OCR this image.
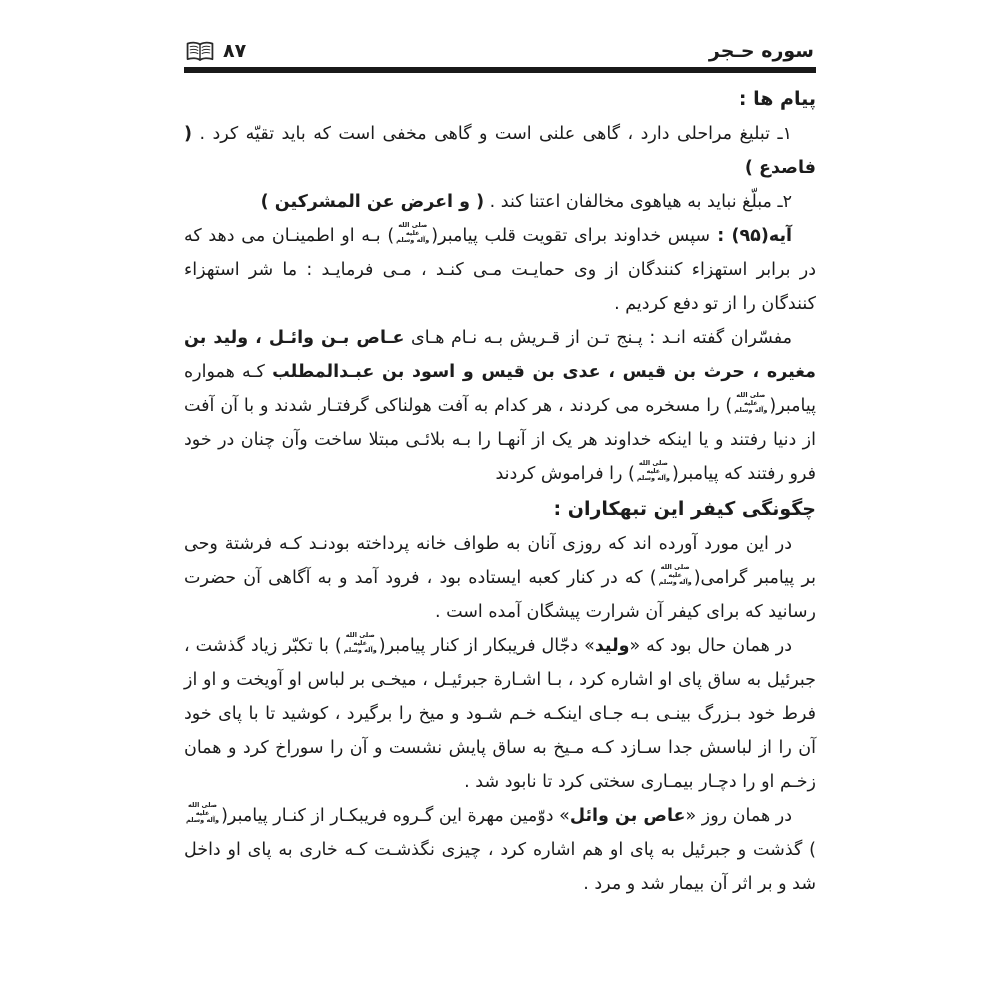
سوره حـجر
۸۷
پیام ها :
۱ـ تبلیغ مراحلی دارد ، گاهی علنی است و گاهی مخفی است که باید تقیّه کرد . ( فاصدع )
۲ـ مبلّغ نباید به هیاهوی مخالفان اعتنا کند . ( و اعرض عن المشرکین )
آیه(۹۵) : سپس خداوند برای تقویت قلب پیامبر(
صلى الله
عليه
وآله وسلم
) بـه او اطمینـان می دهد که در برابر استهزاء کنندگان از وی حمایـت مـی کنـد ، مـی فرمایـد : ما شر استهزاء کنندگان را از تو دفع کردیم .
مفسّران گفته انـد : پـنج تـن از قـریش بـه نـام هـای عـاص بـن وائـل ، ولید بن مغیره ، حرث بن قیس ، عدی بن قیس و اسود بن عبـدالمطلب کـه همواره پیامبر(
صلى الله
عليه
وآله وسلم
) را مسخره می کردند ، هر کدام به آفت هولناکی گرفتـار شدند و با آن آفت از دنیا رفتند و یا اینکه خداوند هر یک از آنهـا را بـه بلائـی مبتلا ساخت وآن چنان در خود فرو رفتند که پیامبر(
صلى الله
عليه
وآله وسلم
) را فراموش کردند
چگونگی کیفر این تبهکاران :
در این مورد آورده اند که روزی آنان به طواف خانه پرداخته بودنـد کـه فرشتة وحی بر پیامبر گرامی(
صلى الله
عليه
وآله وسلم
) که در کنار کعبه ایستاده بود ، فرود آمد و به آگاهی آن حضرت رسانید که برای کیفر آن شرارت پیشگان آمده است .
در همان حال بود که «ولید» دجّال فریبکار از کنار پیامبر(
صلى الله
عليه
وآله وسلم
) با تکبّر زیاد گذشت ، جبرئیل به ساق پای او اشاره کرد ، بـا اشـارة جبرئیـل ، میخـی بر لباس او آویخت و او از فرط خود بـزرگ بینـی بـه جـای اینکـه خـم شـود و میخ را برگیرد ، کوشید تا با پای خود آن را از لباسش جدا سـازد کـه مـیخ به ساق پایش نشست و آن را سوراخ کرد و همان زخـم او را دچـار بیمـاری سختی کرد تا نابود شد .
در همان روز «عاص بن وائل» دوّمین مهرة این گـروه فریبکـار از کنـار پیامبر(
صلى الله
عليه
وآله وسلم
) گذشت و جبرئیل به پای او هم اشاره کرد ، چیزی نگذشـت کـه خاری به پای او داخل شد و بر اثر آن بیمار شد و مرد .
